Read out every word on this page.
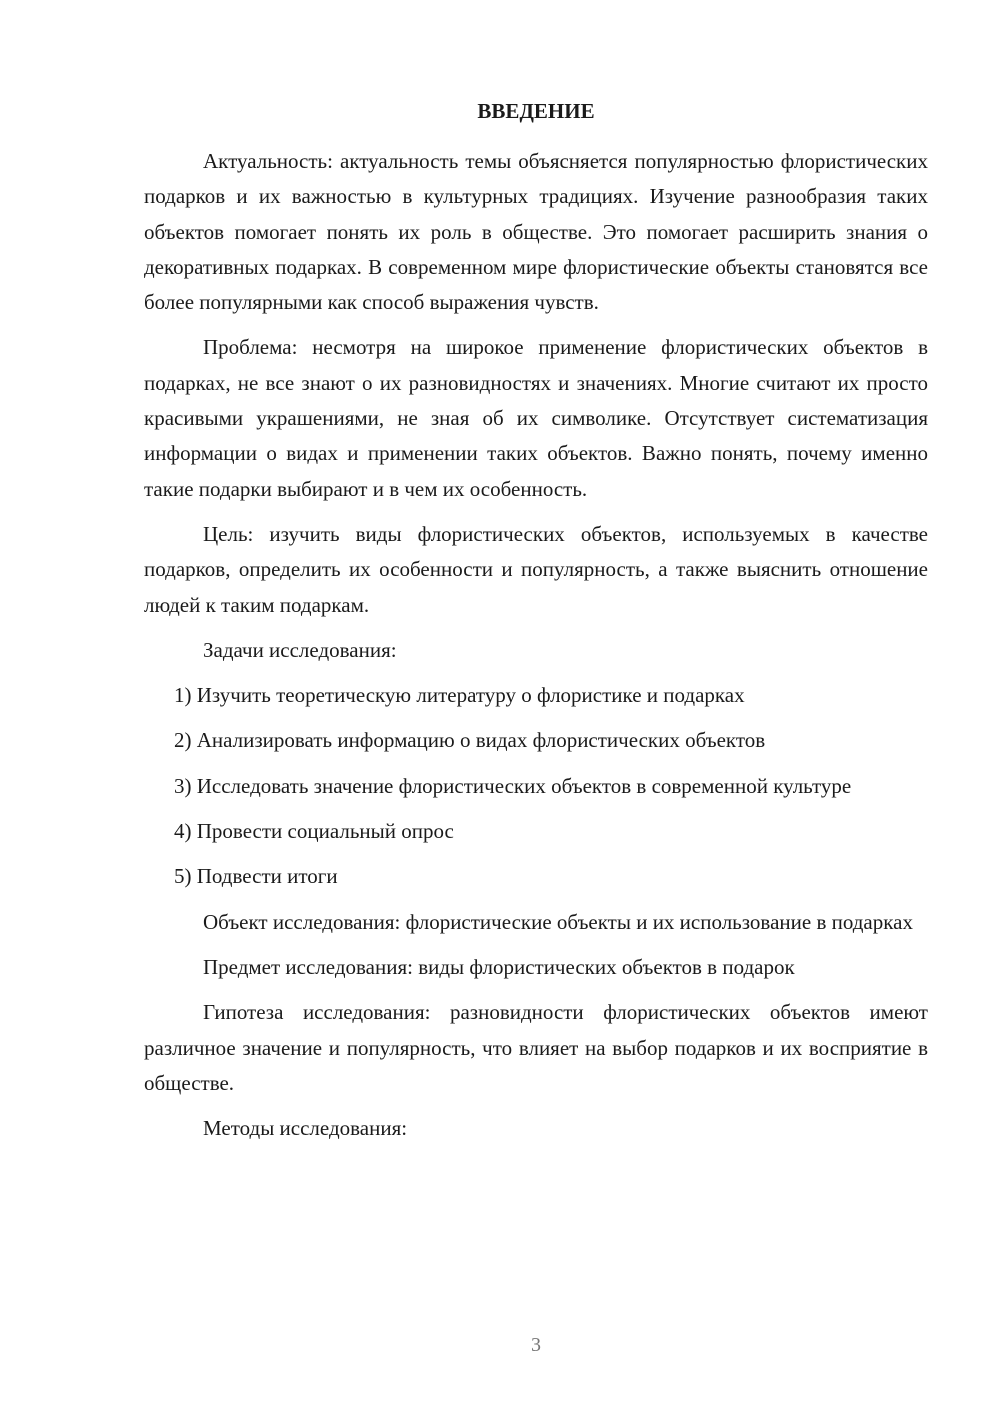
ВВЕДЕНИЕ

Актуальность: актуальность темы объясняется популярностью флористических подарков и их важностью в культурных традициях. Изучение разнообразия таких объектов помогает понять их роль в обществе. Это помогает расширить знания о декоративных подарках. В современном мире флористические объекты становятся все более популярными как способ выражения чувств.

Проблема: несмотря на широкое применение флористических объектов в подарках, не все знают о их разновидностях и значениях. Многие считают их просто красивыми украшениями, не зная об их символике. Отсутствует систематизация информации о видах и применении таких объектов. Важно понять, почему именно такие подарки выбирают и в чем их особенность.

Цель: изучить виды флористических объектов, используемых в качестве подарков, определить их особенности и популярность, а также выяснить отношение людей к таким подаркам.

Задачи исследования:

1) Изучить теоретическую литературу о флористике и подарках

2) Анализировать информацию о видах флористических объектов

3) Исследовать значение флористических объектов в современной культуре

4) Провести социальный опрос

5) Подвести итоги

Объект исследования: флористические объекты и их использование в подарках

Предмет исследования: виды флористических объектов в подарок

Гипотеза исследования: разновидности флористических объектов имеют различное значение и популярность, что влияет на выбор подарков и их восприятие в обществе.

Методы исследования:

3
